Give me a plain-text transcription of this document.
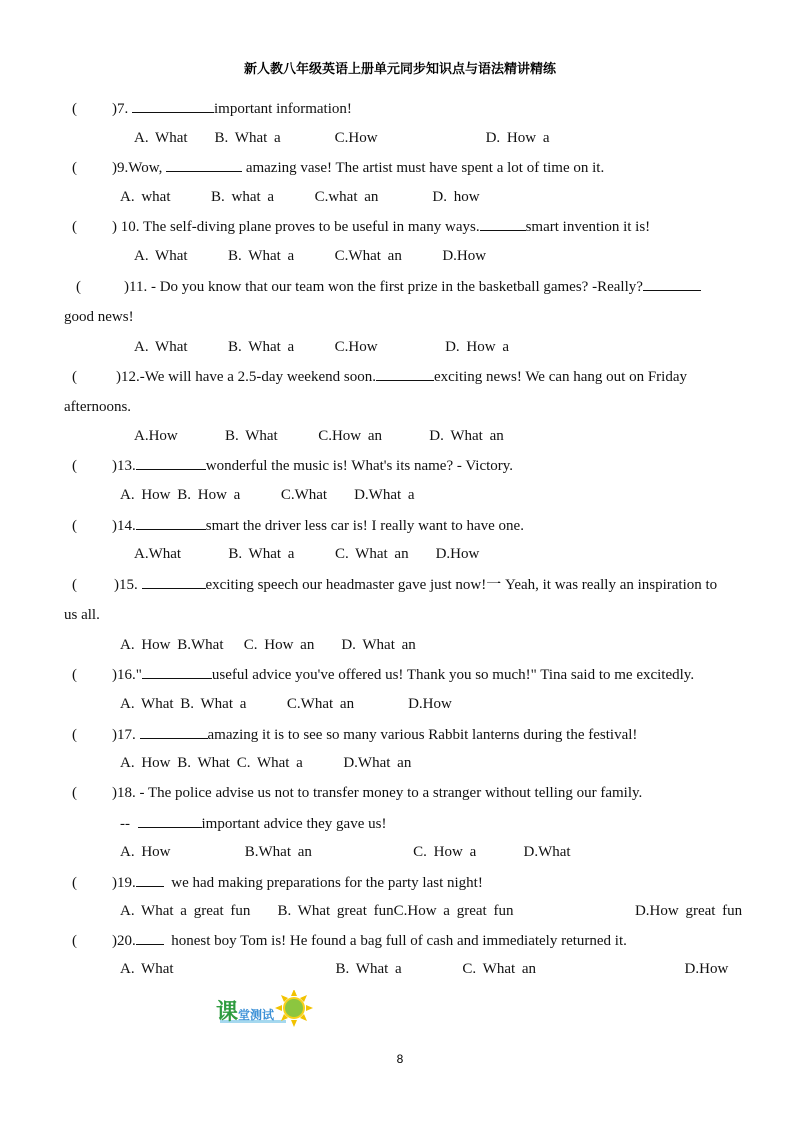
新人教八年级英语上册单元同步知识点与语法精讲精练
( )7.	important information!
A. What B. What a	C.How	D. How a
( )9.Wow,	amazing vase! The artist must have spent a lot of time on it.
A. what	B. what a	C.what an	D. how
( ) 10. The self-diving plane proves to be useful in many ways.	smart invention it is!
A. What	B. What a	C.What an	D.How
(	)11. - Do you know that our team won the first prize in the basketball games? -Really?
good news!
A. What	B. What a	C.How	D. How a
(	)12.-We will have a 2.5-day weekend soon.	exciting news! We can hang out on Friday
afternoons.
A.How	B. What	C.How an	D. What an
( )13.	wonderful the music is! What's its name? - Victory.
A. How B. How a	C.What D.What a
( )14.	smart the driver less car is! I really want to have one.
A.What	B. What a	C. What an D.How
( )15.	exciting speech our headmaster gave just now!一 Yeah, it was really an inspiration to
us all.
A. How B.What C. How an D. What an
( )16."	useful advice you've offered us! Thank you so much!" Tina said to me excitedly.
A. What B. What a	C.What an	D.How
( )17.	amazing it is to see so many various Rabbit lanterns during the festival!
A. How B. What C. What a	D.What an
( )18. - The police advise us not to transfer money to a stranger without telling our family.
--	important advice they gave us!
A. How	B.What an	C. How a	D.What
( )19. we had making preparations for the party last night!
A. What a great fun B. What great funC.How a great fun	D.How great fun
( )20. honest boy Tom is! He found a bag full of cash and immediately returned it.
A. What	B. What a	C. What an	D.How
课堂测试
8
